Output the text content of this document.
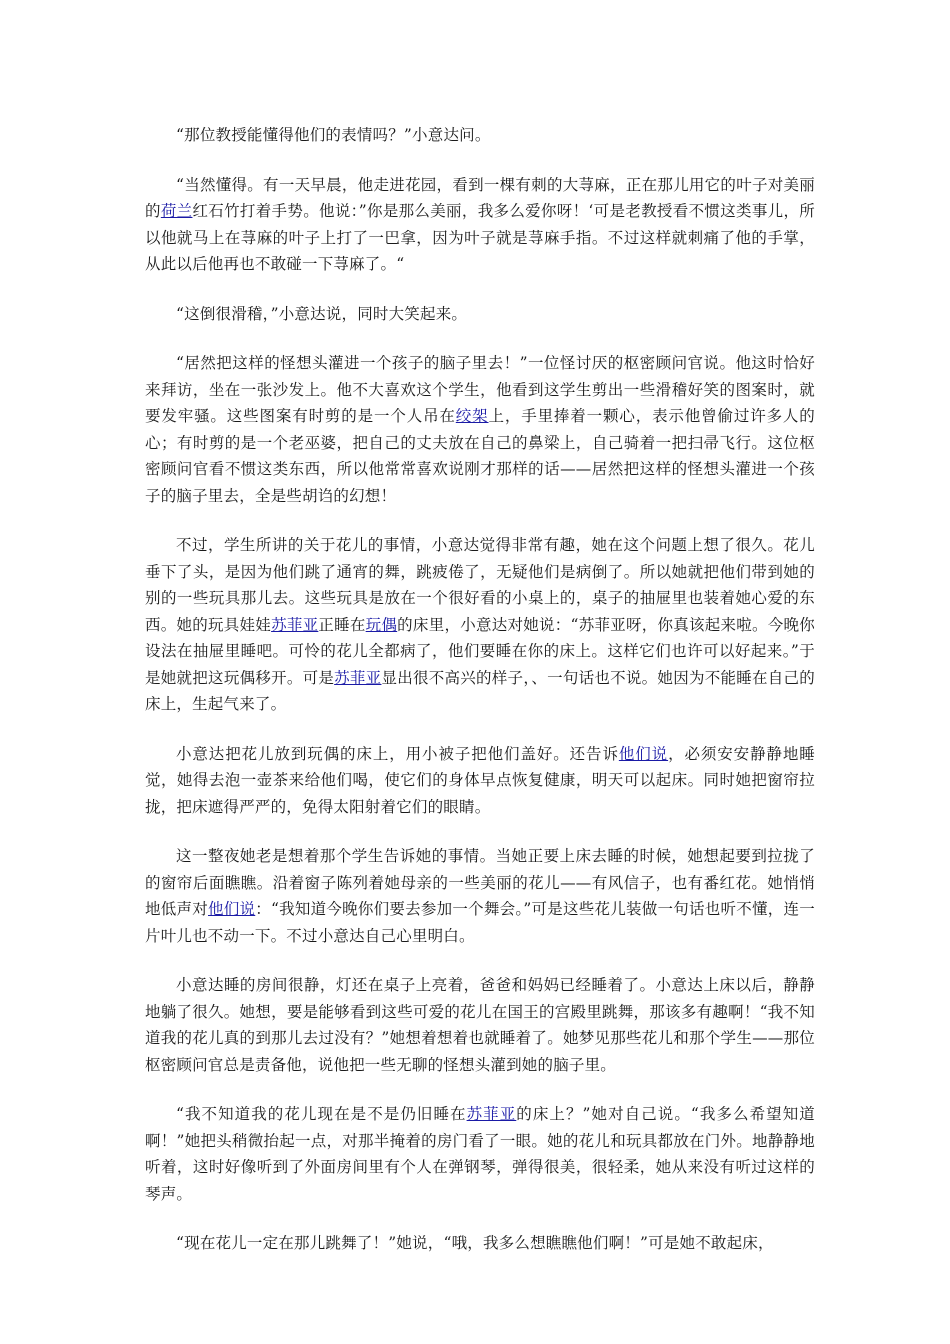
“那位教授能懂得他们的表情吗？”小意达问。

“当然懂得。有一天早晨，他走进花园，看到一棵有刺的大荨麻，正在那儿用它的叶子对美丽的荷兰红石竹打着手势。他说：”你是那么美丽，我多么爱你呀！‘可是老教授看不惯这类事儿，所以他就马上在荨麻的叶子上打了一巴拿，因为叶子就是荨麻手指。不过这样就刺痛了他的手掌，从此以后他再也不敢碰一下荨麻了。“

“这倒很滑稽，”小意达说，同时大笑起来。

“居然把这样的怪想头灌进一个孩子的脑子里去！”一位怪讨厌的枢密顾问官说。他这时恰好来拜访，坐在一张沙发上。他不大喜欢这个学生，他看到这学生剪出一些滑稽好笑的图案时，就要发牢骚。这些图案有时剪的是一个人吊在绞架上，手里捧着一颗心，表示他曾偷过许多人的心；有时剪的是一个老巫婆，把自己的丈夫放在自己的鼻梁上，自己骑着一把扫帚飞行。这位枢密顾问官看不惯这类东西，所以他常常喜欢说刚才那样的话——居然把这样的怪想头灌进一个孩子的脑子里去，全是些胡诌的幻想！

不过，学生所讲的关于花儿的事情，小意达觉得非常有趣，她在这个问题上想了很久。花儿垂下了头，是因为他们跳了通宵的舞，跳疲倦了，无疑他们是病倒了。所以她就把他们带到她的别的一些玩具那儿去。这些玩具是放在一个很好看的小桌上的，桌子的抽屉里也装着她心爱的东西。她的玩具娃娃苏菲亚正睡在玩偶的床里，小意达对她说：“苏菲亚呀，你真该起来啦。今晚你设法在抽屉里睡吧。可怜的花儿全都病了，他们要睡在你的床上。这样它们也许可以好起来。”于是她就把这玩偶移开。可是苏菲亚显出很不高兴的样子，、一句话也不说。她因为不能睡在自己的床上，生起气来了。

小意达把花儿放到玩偶的床上，用小被子把他们盖好。还告诉他们说，必须安安静静地睡觉，她得去泡一壶茶来给他们喝，使它们的身体早点恢复健康，明天可以起床。同时她把窗帘拉拢，把床遮得严严的，免得太阳射着它们的眼睛。

这一整夜她老是想着那个学生告诉她的事情。当她正要上床去睡的时候，她想起要到拉拢了的窗帘后面瞧瞧。沿着窗子陈列着她母亲的一些美丽的花儿——有风信子，也有番红花。她悄悄地低声对他们说：“我知道今晚你们要去参加一个舞会。”可是这些花儿装做一句话也听不懂，连一片叶儿也不动一下。不过小意达自己心里明白。

小意达睡的房间很静，灯还在桌子上亮着，爸爸和妈妈已经睡着了。小意达上床以后，静静地躺了很久。她想，要是能够看到这些可爱的花儿在国王的宫殿里跳舞，那该多有趣啊！“我不知道我的花儿真的到那儿去过没有？”她想着想着也就睡着了。她梦见那些花儿和那个学生——那位枢密顾问官总是责备他，说他把一些无聊的怪想头灌到她的脑子里。

“我不知道我的花儿现在是不是仍旧睡在苏菲亚的床上？”她对自己说。“我多么希望知道啊！”她把头稍微抬起一点，对那半掩着的房门看了一眼。她的花儿和玩具都放在门外。地静静地听着，这时好像听到了外面房间里有个人在弹钢琴，弹得很美，很轻柔，她从来没有听过这样的琴声。

“现在花儿一定在那儿跳舞了！”她说，“哦，我多么想瞧瞧他们啊！”可是她不敢起床，
